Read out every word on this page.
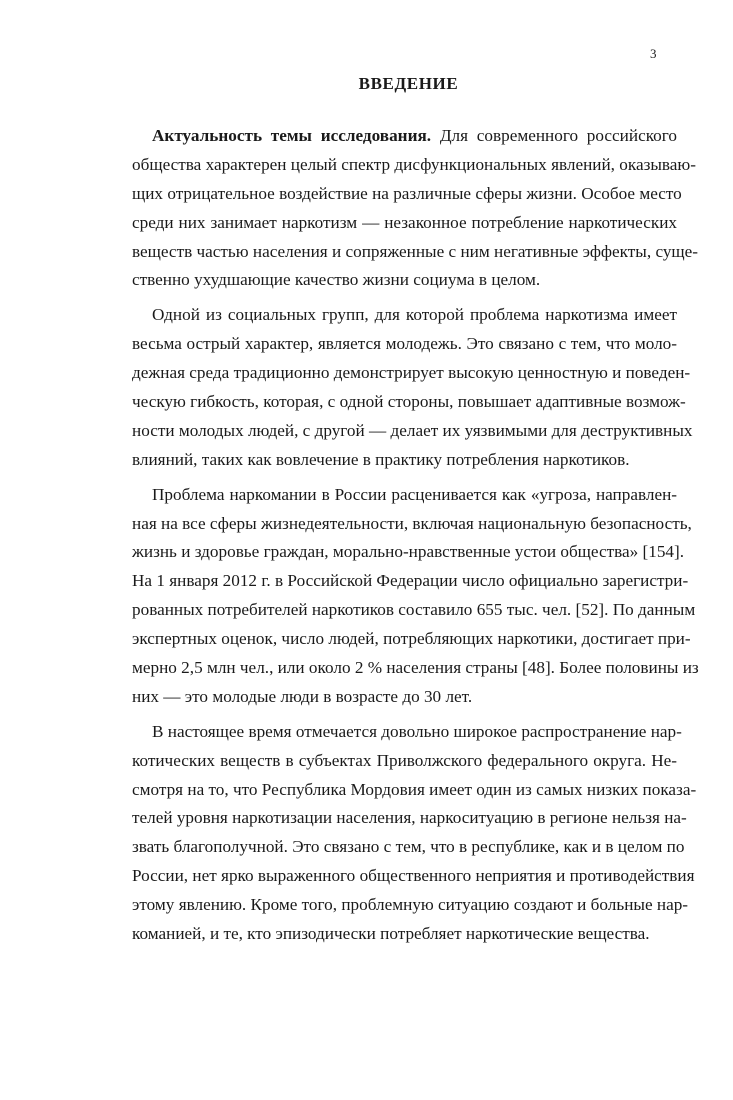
3
ВВЕДЕНИЕ
Актуальность темы исследования. Для современного российского
общества характерен целый спектр дисфункциональных явлений, оказываю-
щих отрицательное воздействие на различные сферы жизни. Особое место
среди них занимает наркотизм — незаконное потребление наркотических
веществ частью населения и сопряженные с ним негативные эффекты, суще-
ственно ухудшающие качество жизни социума в целом.
Одной из социальных групп, для которой проблема наркотизма имеет
весьма острый характер, является молодежь. Это связано с тем, что моло-
дежная среда традиционно демонстрирует высокую ценностную и поведен-
ческую гибкость, которая, с одной стороны, повышает адаптивные возмож-
ности молодых людей, с другой — делает их уязвимыми для деструктивных
влияний, таких как вовлечение в практику потребления наркотиков.
Проблема наркомании в России расценивается как «угроза, направлен-
ная на все сферы жизнедеятельности, включая национальную безопасность,
жизнь и здоровье граждан, морально-нравственные устои общества» [154].
На 1 января 2012 г. в Российской Федерации число официально зарегистри-
рованных потребителей наркотиков составило 655 тыс. чел. [52]. По данным
экспертных оценок, число людей, потребляющих наркотики, достигает при-
мерно 2,5 млн чел., или около 2 % населения страны [48]. Более половины из
них — это молодые люди в возрасте до 30 лет.
В настоящее время отмечается довольно широкое распространение нар-
котических веществ в субъектах Приволжского федерального округа. Не-
смотря на то, что Республика Мордовия имеет один из самых низких показа-
телей уровня наркотизации населения, наркоситуацию в регионе нельзя на-
звать благополучной. Это связано с тем, что в республике, как и в целом по
России, нет ярко выраженного общественного неприятия и противодействия
этому явлению. Кроме того, проблемную ситуацию создают и больные нар-
команией, и те, кто эпизодически потребляет наркотические вещества.
